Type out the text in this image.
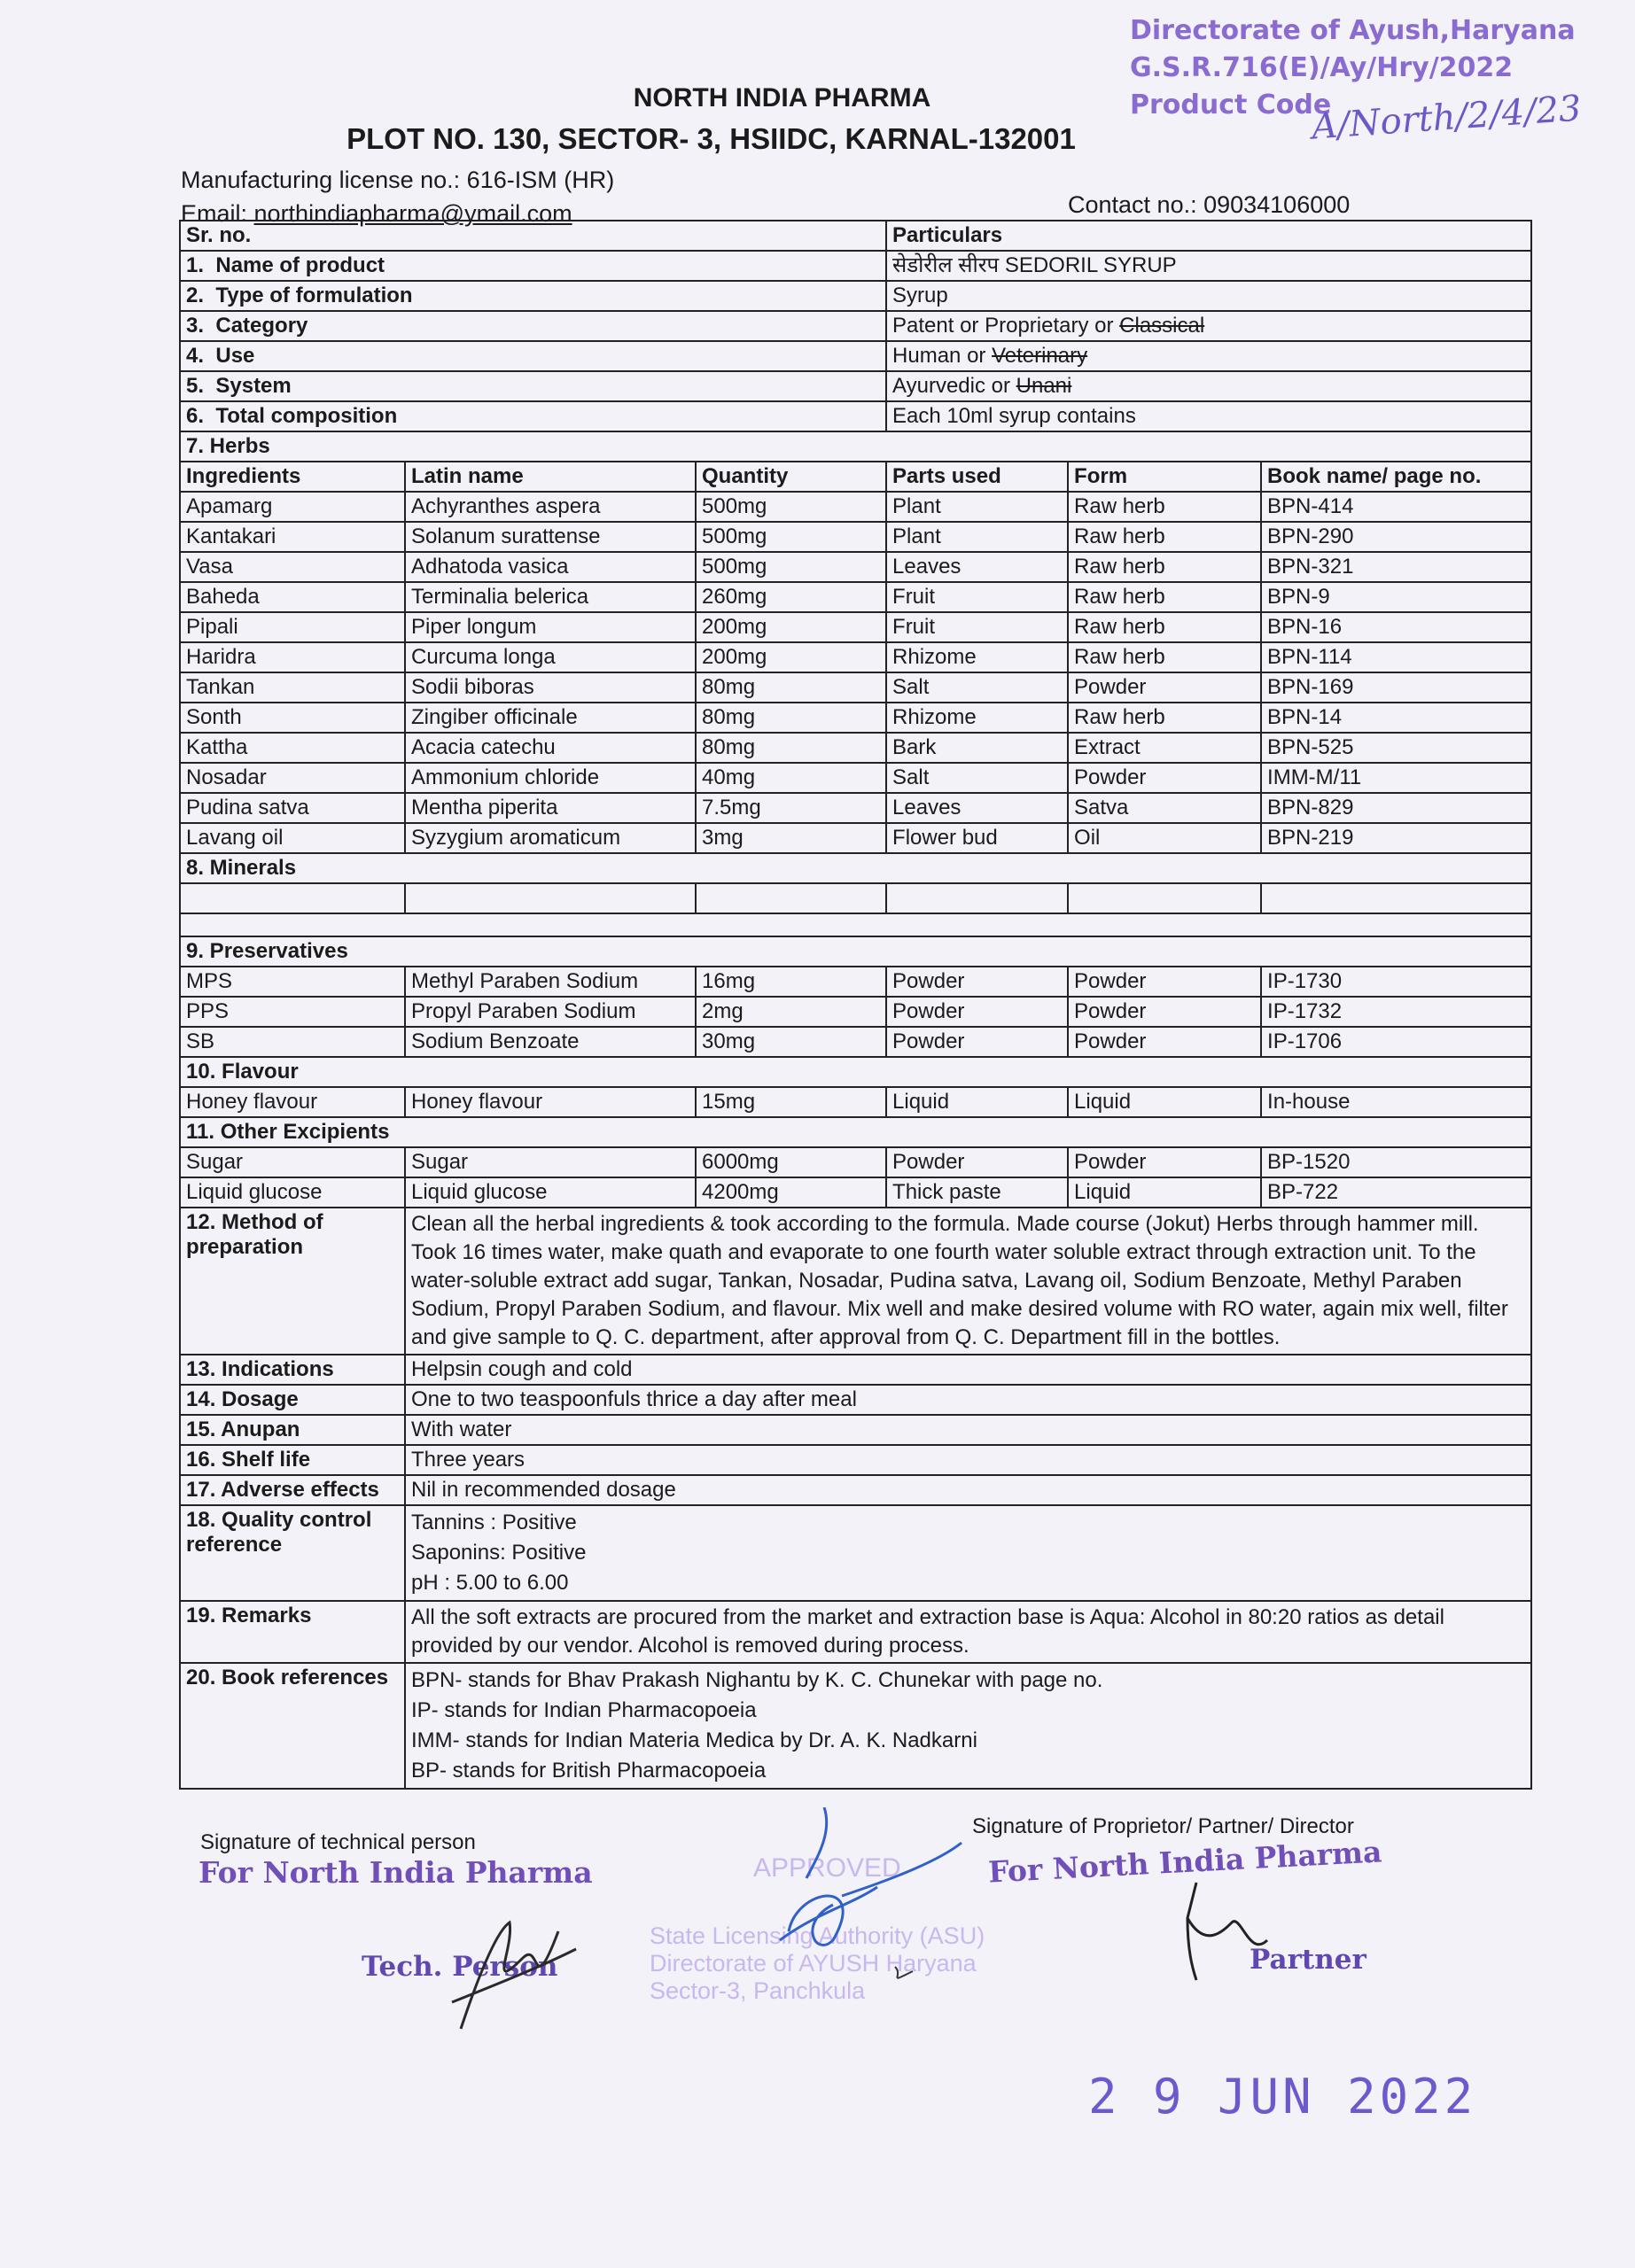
Directorate of Ayush,Haryana
G.S.R.716(E)/Ay/Hry/2022
Product Code
A/North/2/4/23
NORTH INDIA PHARMA
PLOT NO. 130, SECTOR- 3, HSIIDC, KARNAL-132001
Manufacturing license no.: 616-ISM (HR)
Email: northindiapharma@ymail.com	Contact no.: 09034106000
Sr. no.			Particulars		
1. Name of product			सेडोरील सीरप SEDORIL SYRUP		
2. Type of formulation			Syrup		
3. Category			Patent or Proprietary or Classical		
4. Use			Human or Veterinary		
5. System			Ayurvedic or Unani		
6. Total composition			Each 10ml syrup contains		
7. Herbs					
Ingredients	Latin name	Quantity	Parts used	Form	Book name/ page no.
Apamarg	Achyranthes aspera	500mg	Plant	Raw herb	BPN-414
Kantakari	Solanum surattense	500mg	Plant	Raw herb	BPN-290
Vasa	Adhatoda vasica	500mg	Leaves	Raw herb	BPN-321
Baheda	Terminalia belerica	260mg	Fruit	Raw herb	BPN-9
Pipali	Piper longum	200mg	Fruit	Raw herb	BPN-16
Haridra	Curcuma longa	200mg	Rhizome	Raw herb	BPN-114
Tankan	Sodii biboras	80mg	Salt	Powder	BPN-169
Sonth	Zingiber officinale	80mg	Rhizome	Raw herb	BPN-14
Kattha	Acacia catechu	80mg	Bark	Extract	BPN-525
Nosadar	Ammonium chloride	40mg	Salt	Powder	IMM-M/11
Pudina satva	Mentha piperita	7.5mg	Leaves	Satva	BPN-829
Lavang oil	Syzygium aromaticum	3mg	Flower bud	Oil	BPN-219
8. Minerals					

9. Preservatives					
MPS	Methyl Paraben Sodium	16mg	Powder	Powder	IP-1730
PPS	Propyl Paraben Sodium	2mg	Powder	Powder	IP-1732
SB	Sodium Benzoate	30mg	Powder	Powder	IP-1706
10. Flavour					
Honey flavour	Honey flavour	15mg	Liquid	Liquid	In-house
11. Other Excipients					
Sugar	Sugar	6000mg	Powder	Powder	BP-1520
Liquid glucose	Liquid glucose	4200mg	Thick paste	Liquid	BP-722
12. Method of preparation	Clean all the herbal ingredients & took according to the formula. Made course (Jokut) Herbs through hammer mill. Took 16 times water, make quath and evaporate to one fourth water soluble extract through extraction unit. To the water-soluble extract add sugar, Tankan, Nosadar, Pudina satva, Lavang oil, Sodium Benzoate, Methyl Paraben Sodium, Propyl Paraben Sodium, and flavour. Mix well and make desired volume with RO water, again mix well, filter and give sample to Q. C. department, after approval from Q. C. Department fill in the bottles.				
13. Indications	Helpsin cough and cold				
14. Dosage	One to two teaspoonfuls thrice a day after meal				
15. Anupan	With water				
16. Shelf life	Three years				
17. Adverse effects	Nil in recommended dosage				
18. Quality control reference	Tannins : Positive
Saponins: Positive
pH : 5.00 to 6.00				

19. Remarks	All the soft extracts are procured from the market and extraction base is Aqua: Alcohol in 80:20 ratios as detail provided by our vendor. Alcohol is removed during process.				
20. Book references	BPN- stands for Bhav Prakash Nighantu by K. C. Chunekar with page no.
IP- stands for Indian Pharmacopoeia
IMM- stands for Indian Materia Medica by Dr. A. K. Nadkarni
BP- stands for British Pharmacopoeia				
Signature of technical person
Signature of Proprietor/ Partner/ Director
For North India Pharma	For North India Pharma
Tech. Person	Partner
APPROVED
State Licensing Authority (ASU)
Directorate of AYUSH Haryana
Sector-3, Panchkula
2 9 JUN 2022
